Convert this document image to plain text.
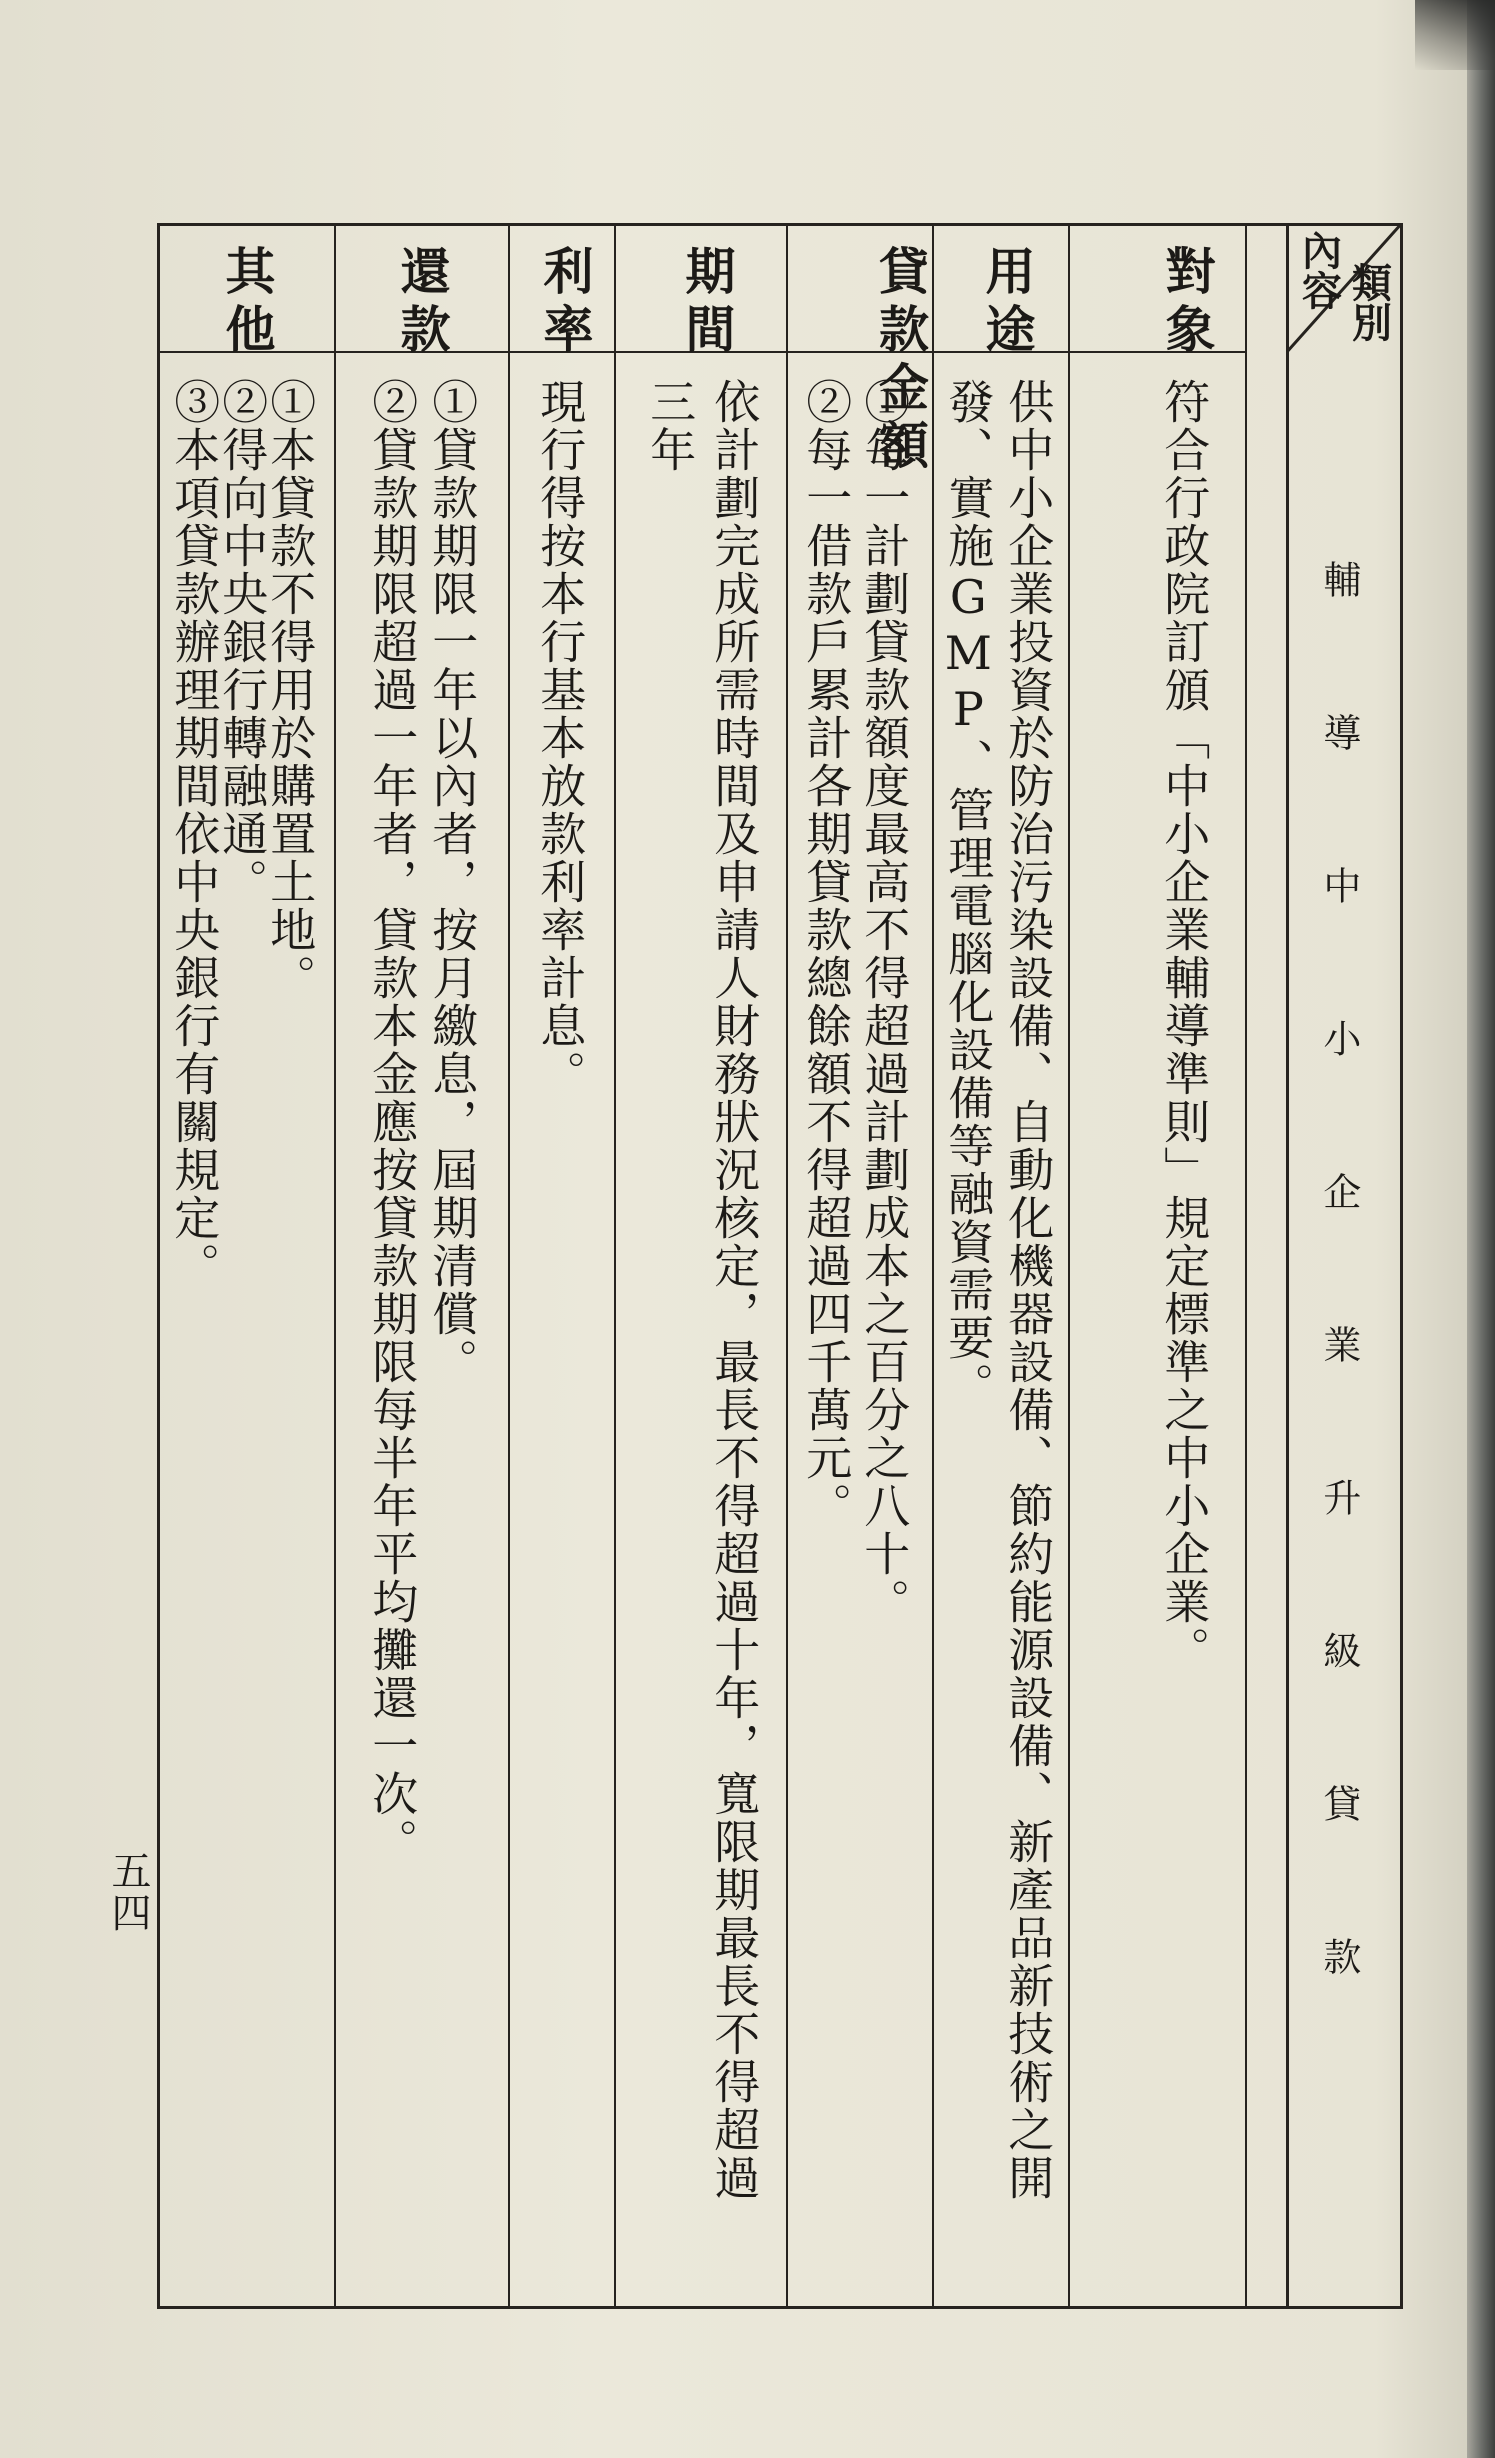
內容 類別
輔導中小企業升級貸款
對象
符合行政院訂頒「中小企業輔導準則」規定標準之中小企業。
用途
供中小企業投資於防治污染設備、自動化機器設備、節約能源設備、新產品新技術之開
發、實施GMP、管理電腦化設備等融資需要。
貸款金額
①每一計劃貸款額度最高不得超過計劃成本之百分之八十。
②每一借款戶累計各期貸款總餘額不得超過四千萬元。
期間
依計劃完成所需時間及申請人財務狀況核定，最長不得超過十年，寬限期最長不得超過
三年
利率
現行得按本行基本放款利率計息。
還款
①貸款期限一年以內者，按月繳息，屆期清償。
②貸款期限超過一年者，貸款本金應按貸款期限每半年平均攤還一次。
其他
①本貸款不得用於購置土地。
②得向中央銀行轉融通。
③本項貸款辦理期間依中央銀行有關規定。
五四
